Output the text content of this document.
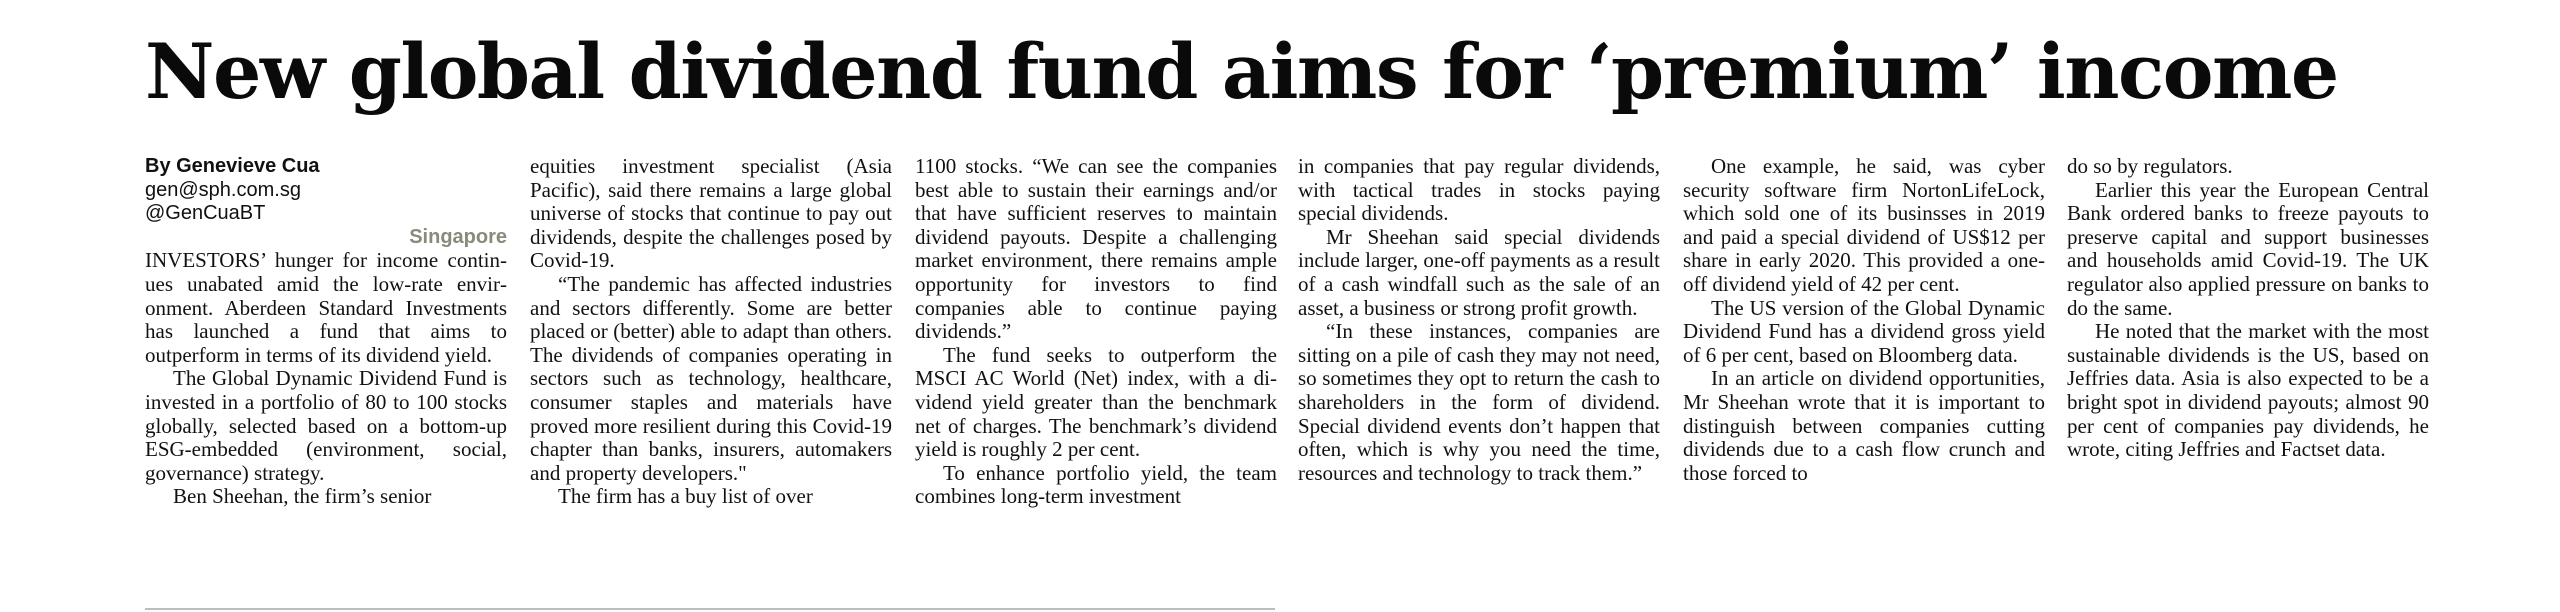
New global dividend fund aims for ‘premium’ income
By Genevieve Cua
gen@sph.com.sg
@GenCuaBT
Singapore

INVESTORS’ hunger for income continues unabated amid the low-rate environment. Aberdeen Standard Investments has launched a fund that aims to outperform in terms of its dividend yield.

The Global Dynamic Dividend Fund is invested in a portfolio of 80 to 100 stocks globally, selected based on a bottom-up ESG-embedded (environment, social, governance) strategy.

Ben Sheehan, the firm’s senior

equities investment specialist (Asia Pacific), said there remains a large global universe of stocks that continue to pay out dividends, despite the challenges posed by Covid-19.

“The pandemic has affected industries and sectors differently. Some are better placed or (better) able to adapt than others. The dividends of companies operating in sectors such as technology, healthcare, consumer staples and materials have proved more resilient during this Covid-19 chapter than banks, insurers, automakers and property developers."

The firm has a buy list of over

1100 stocks. “We can see the companies best able to sustain their earnings and/or that have sufficient reserves to maintain dividend payouts. Despite a challenging market environment, there remains ample opportunity for investors to find companies able to continue paying dividends.”

The fund seeks to outperform the MSCI AC World (Net) index, with a dividend yield greater than the benchmark net of charges. The benchmark’s dividend yield is roughly 2 per cent.

To enhance portfolio yield, the team combines long-term investment

in companies that pay regular dividends, with tactical trades in stocks paying special dividends.

Mr Sheehan said special dividends include larger, one-off payments as a result of a cash windfall such as the sale of an asset, a business or strong profit growth.

“In these instances, companies are sitting on a pile of cash they may not need, so sometimes they opt to return the cash to shareholders in the form of dividend. Special dividend events don’t happen that often, which is why you need the time, resources and technology to track them.”

One example, he said, was cyber security software firm NortonLifeLock, which sold one of its businsses in 2019 and paid a special dividend of US$12 per share in early 2020. This provided a one-off dividend yield of 42 per cent.

The US version of the Global Dynamic Dividend Fund has a dividend gross yield of 6 per cent, based on Bloomberg data.

In an article on dividend opportunities, Mr Sheehan wrote that it is important to distinguish between companies cutting dividends due to a cash flow crunch and those forced to

do so by regulators.

Earlier this year the European Central Bank ordered banks to freeze payouts to preserve capital and support businesses and households amid Covid-19. The UK regulator also applied pressure on banks to do the same.

He noted that the market with the most sustainable dividends is the US, based on Jeffries data. Asia is also expected to be a bright spot in dividend payouts; almost 90 per cent of companies pay dividends, he wrote, citing Jeffries and Factset data.
